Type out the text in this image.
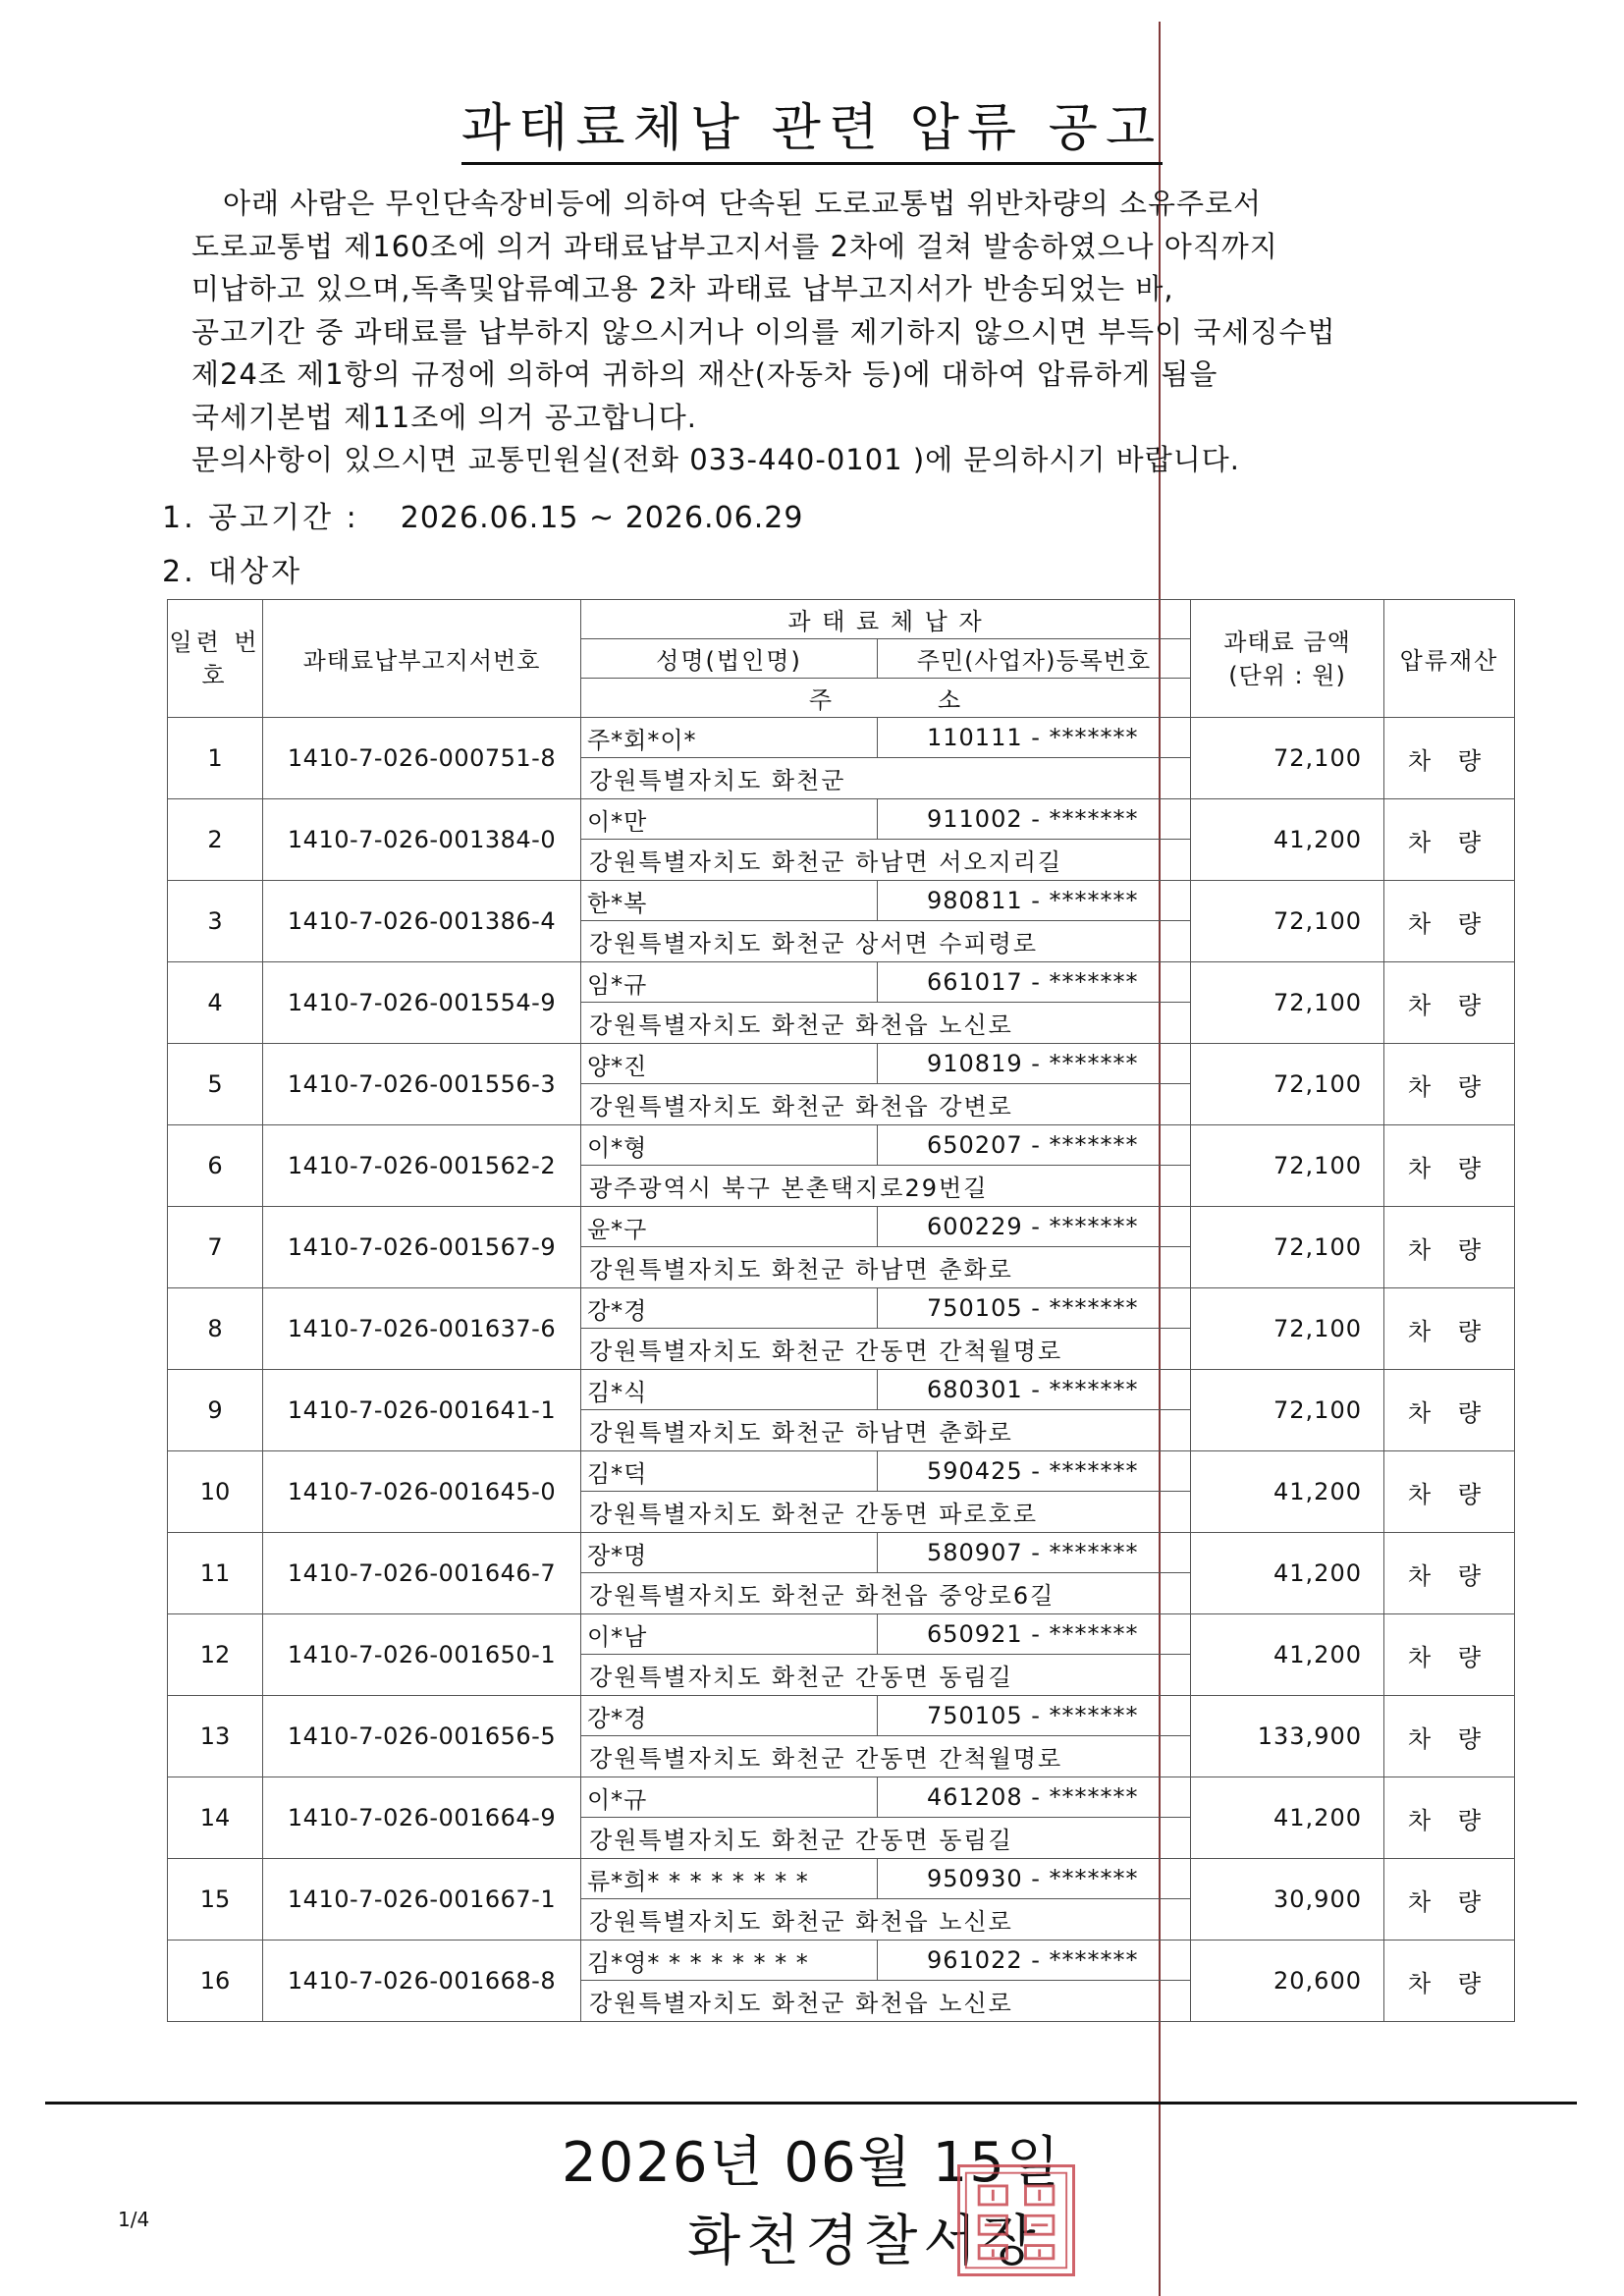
과태료체납 관련 압류 공고
아래 사람은 무인단속장비등에 의하여 단속된 도로교통법 위반차량의 소유주로서
도로교통법 제160조에 의거 과태료납부고지서를 2차에 걸쳐 발송하였으나 아직까지
미납하고 있으며,독촉및압류예고용 2차 과태료 납부고지서가 반송되었는 바,
공고기간 중 과태료를 납부하지 않으시거나 이의를 제기하지 않으시면 부득이 국세징수법
제24조 제1항의 규정에 의하여 귀하의 재산(자동차 등)에 대하여 압류하게 됨을
국세기본법 제11조에 의거 공고합니다.
문의사항이 있으시면 교통민원실(전화 033-440-0101 )에 문의하시기 바랍니다.
1. 공고기간 : 2026.06.15 ~ 2026.06.29
2. 대상자
일련 번호	과태료납부고지서번호	과 태 료 체 납 자		과태료 금액 (단위 : 원)	압류재산
		성명(법인명)	주민(사업자)등록번호		
		주           소			
1	1410-7-026-000751-8	주*회*이*	110111 - *******	72,100	차 량
		강원특별자치도 화천군			
2	1410-7-026-001384-0	이*만	911002 - *******	41,200	차 량
		강원특별자치도 화천군 하남면 서오지리길			
3	1410-7-026-001386-4	한*복	980811 - *******	72,100	차 량
		강원특별자치도 화천군 상서면 수피령로			
4	1410-7-026-001554-9	임*규	661017 - *******	72,100	차 량
		강원특별자치도 화천군 화천읍 노신로			
5	1410-7-026-001556-3	양*진	910819 - *******	72,100	차 량
		강원특별자치도 화천군 화천읍 강변로			
6	1410-7-026-001562-2	이*형	650207 - *******	72,100	차 량
		광주광역시 북구 본촌택지로29번길			
7	1410-7-026-001567-9	윤*구	600229 - *******	72,100	차 량
		강원특별자치도 화천군 하남면 춘화로			
8	1410-7-026-001637-6	강*경	750105 - *******	72,100	차 량
		강원특별자치도 화천군 간동면 간척월명로			
9	1410-7-026-001641-1	김*식	680301 - *******	72,100	차 량
		강원특별자치도 화천군 하남면 춘화로			
10	1410-7-026-001645-0	김*덕	590425 - *******	41,200	차 량
		강원특별자치도 화천군 간동면 파로호로			
11	1410-7-026-001646-7	장*명	580907 - *******	41,200	차 량
		강원특별자치도 화천군 화천읍 중앙로6길			
12	1410-7-026-001650-1	이*남	650921 - *******	41,200	차 량
		강원특별자치도 화천군 간동면 동림길			
13	1410-7-026-001656-5	강*경	750105 - *******	133,900	차 량
		강원특별자치도 화천군 간동면 간척월명로			
14	1410-7-026-001664-9	이*규	461208 - *******	41,200	차 량
		강원특별자치도 화천군 간동면 동림길			
15	1410-7-026-001667-1	류*희* * * * * * * *	950930 - *******	30,900	차 량
		강원특별자치도 화천군 화천읍 노신로			
16	1410-7-026-001668-8	김*영* * * * * * * *	961022 - *******	20,600	차 량
		강원특별자치도 화천군 화천읍 노신로			
2026년 06월 15일
화천경찰서장
1/4
